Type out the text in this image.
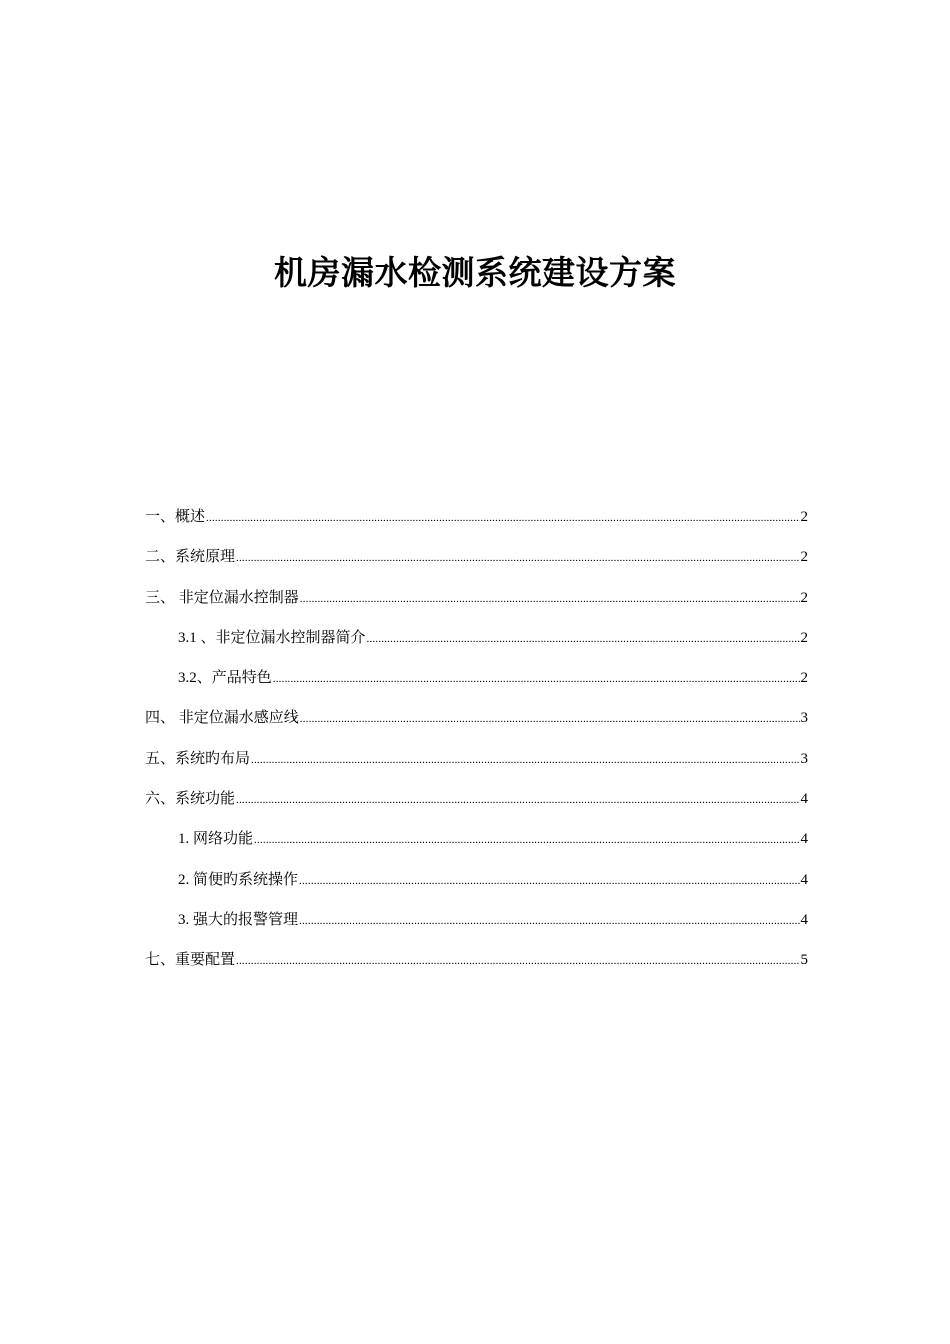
机房漏水检测系统建设方案
一、概述 .....	2
二、系统原理 .....	2
三、 非定位漏水控制器 .....	2
3.1 、非定位漏水控制器简介 .....	2
3.2、产品特色 .....	2
四、 非定位漏水感应线 .....	3
五、系统旳布局 .....	3
六、系统功能 .....	4
1. 网络功能 .....	4
2. 简便旳系统操作 .....	4
3. 强大的报警管理 .....	4
七、重要配置 .....	5
